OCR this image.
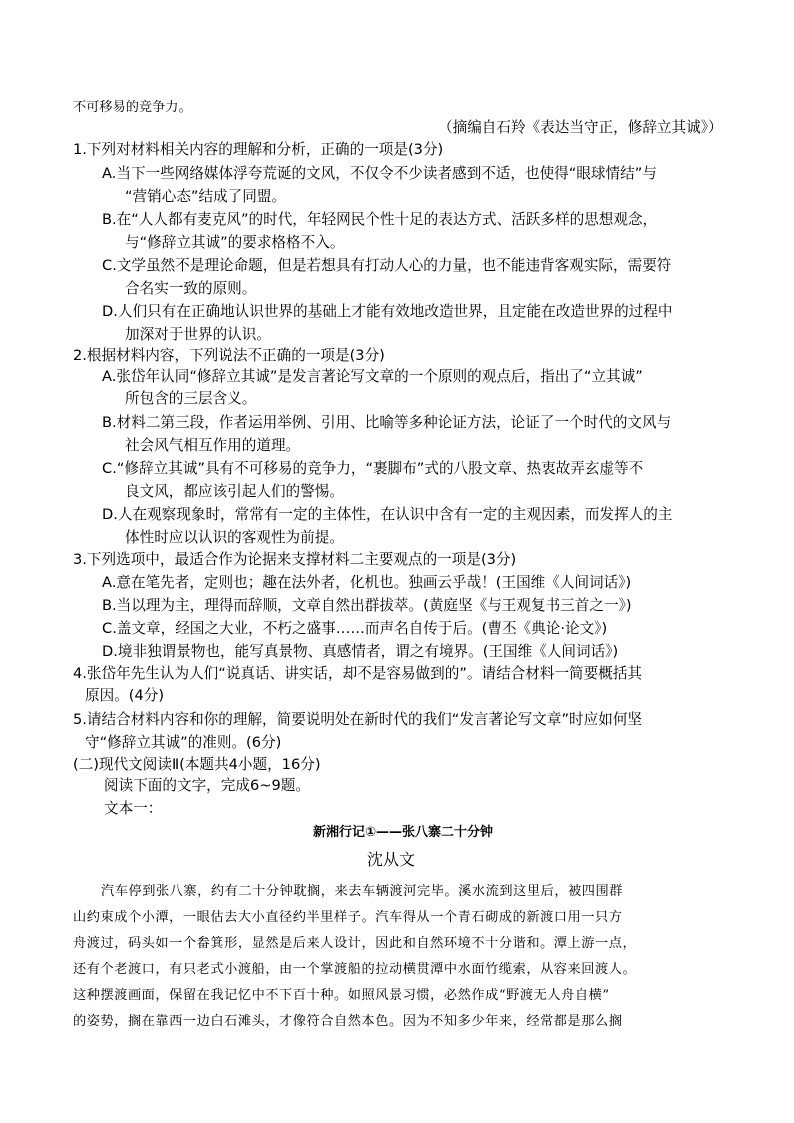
不可移易的竞争力。
（摘编自石羚《表达当守正，修辞立其诚》）
1.下列对材料相关内容的理解和分析，正确的一项是(3分)
A.当下一些网络媒体浮夸荒诞的文风，不仅令不少读者感到不适，也使得“眼球情结”与
“营销心态”结成了同盟。
B.在“人人都有麦克风”的时代，年轻网民个性十足的表达方式、活跃多样的思想观念，
与“修辞立其诚”的要求格格不入。
C.文学虽然不是理论命题，但是若想具有打动人心的力量，也不能违背客观实际，需要符
合名实一致的原则。
D.人们只有在正确地认识世界的基础上才能有效地改造世界，且定能在改造世界的过程中
加深对于世界的认识。
2.根据材料内容，下列说法不正确的一项是(3分)
A.张岱年认同“修辞立其诚”是发言著论写文章的一个原则的观点后，指出了“立其诚”
所包含的三层含义。
B.材料二第三段，作者运用举例、引用、比喻等多种论证方法，论证了一个时代的文风与
社会风气相互作用的道理。
C.“修辞立其诚”具有不可移易的竞争力，“裹脚布”式的八股文章、热衷故弄玄虚等不
良文风，都应该引起人们的警惕。
D.人在观察现象时，常常有一定的主体性，在认识中含有一定的主观因素，而发挥人的主
体性时应以认识的客观性为前提。
3.下列选项中，最适合作为论据来支撑材料二主要观点的一项是(3分)
A.意在笔先者，定则也；趣在法外者，化机也。独画云乎哉！(王国维《人间词话》)
B.当以理为主，理得而辞顺，文章自然出群拔萃。(黄庭坚《与王观复书三首之一》)
C.盖文章，经国之大业，不朽之盛事……而声名自传于后。(曹丕《典论·论文》)
D.境非独谓景物也，能写真景物、真感情者，谓之有境界。(王国维《人间词话》)
4.张岱年先生认为人们“说真话、讲实话，却不是容易做到的”。请结合材料一简要概括其
原因。(4分)
5.请结合材料内容和你的理解，简要说明处在新时代的我们“发言著论写文章”时应如何坚
守“修辞立其诚”的准则。(6分)
(二)现代文阅读Ⅱ(本题共4小题，16分)
阅读下面的文字，完成6~9题。
文本一：
新湘行记①——张八寨二十分钟
沈从文
汽车停到张八寨，约有二十分钟耽搁，来去车辆渡河完毕。溪水流到这里后，被四围群
山约束成个小潭，一眼估去大小直径约半里样子。汽车得从一个青石砌成的新渡口用一只方
舟渡过，码头如一个畚箕形，显然是后来人设计，因此和自然环境不十分谐和。潭上游一点，
还有个老渡口，有只老式小渡船，由一个掌渡船的拉动横贯潭中水面竹缆索，从容来回渡人。
这种摆渡画面，保留在我记忆中不下百十种。如照风景习惯，必然作成“野渡无人舟自横”
的姿势，搁在靠西一边白石滩头，才像符合自然本色。因为不知多少年来，经常都是那么搁
